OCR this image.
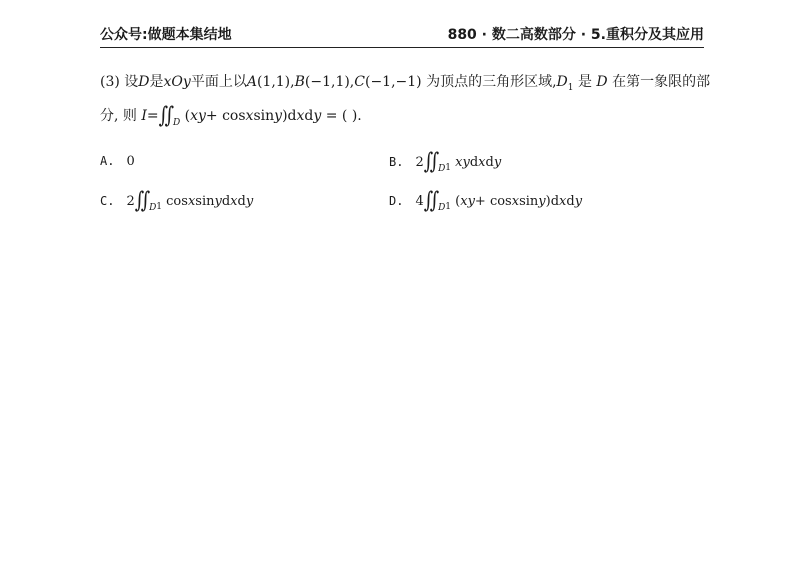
公众号:做题本集结地	880 · 数二高数部分 · 5.重积分及其应用
(3) 设D是xOy平面上以A(1,1),B(−1,1),C(−1,−1) 为顶点的三角形区域$,D_1$ 是 D 在第一象限的部
分, 则 I=∬ $_D$ (xy+ cosxsiny)dxdy = ( ).
A. 0	B. 2∬ $_{D1}$ xydxdy
C. 2∬ $_{D1}$ cosxsinydxdy	D. 4∬ $_{D1}$ (xy+ cosxsiny)dxdy
